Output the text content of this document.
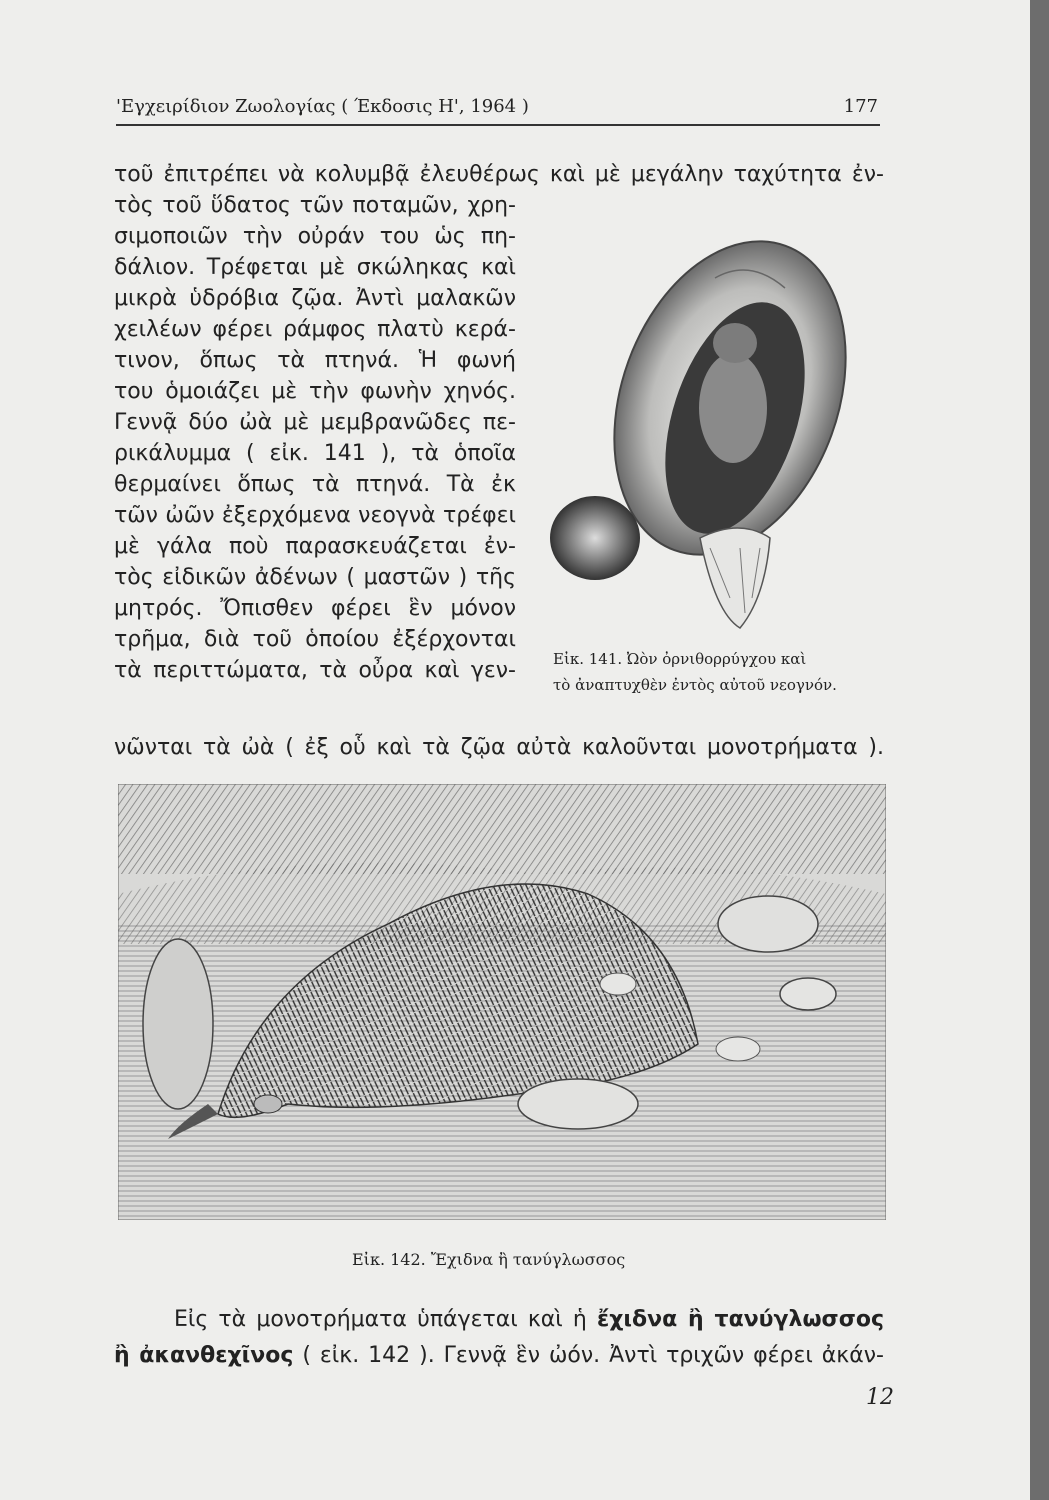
'Εγχειρίδιον Ζωολογίας ( Έκδοσις Η', 1964 )	177
τοῦ ἐπιτρέπει νὰ κολυμβᾷ ἐλευθέρως καὶ μὲ μεγάλην ταχύτητα ἐν-
τὸς τοῦ ὕδατος τῶν ποταμῶν, χρη-
σιμοποιῶν τὴν οὐράν του ὡς πη-
δάλιον. Τρέφεται μὲ σκώληκας καὶ
μικρὰ ὑδρόβια ζῷα. Ἀντὶ μαλακῶν
χειλέων φέρει ράμφος πλατὺ κερά-
τινον, ὅπως τὰ πτηνά. Ἡ φωνή
του ὁμοιάζει μὲ τὴν φωνὴν χηνός.
Γεννᾷ δύο ὠὰ μὲ μεμβρανῶδες πε-
ρικάλυμμα ( εἰκ. 141 ), τὰ ὁποῖα
θερμαίνει ὅπως τὰ πτηνά. Τὰ ἐκ
τῶν ὠῶν ἐξερχόμενα νεογνὰ τρέφει
μὲ γάλα ποὺ παρασκευάζεται ἐν-
τὸς εἰδικῶν ἀδένων ( μαστῶν ) τῆς
μητρός. Ὄπισθεν φέρει ἓν μόνον
τρῆμα, διὰ τοῦ ὁποίου ἐξέρχονται
τὰ περιττώματα, τὰ οὖρα καὶ γεν-
νῶνται τὰ ὠὰ ( ἐξ οὗ καὶ τὰ ζῷα αὐτὰ καλοῦνται μονοτρήματα ).
Εἰκ. 141. Ὠὸν ὀρνιθορρύγχου καὶ
τὸ ἀναπτυχθὲν ἐντὸς αὐτοῦ νεογνόν.
Εἰκ. 142. Ἔχιδνα ἢ τανύγλωσσος
Εἰς τὰ μονοτρήματα ὑπάγεται καὶ ἡ ἔχιδνα ἢ τανύγλωσσος
ἢ ἀκανθεχῖνος ( εἰκ. 142 ). Γεννᾷ ἓν ὠόν. Ἀντὶ τριχῶν φέρει ἀκάν-
12
